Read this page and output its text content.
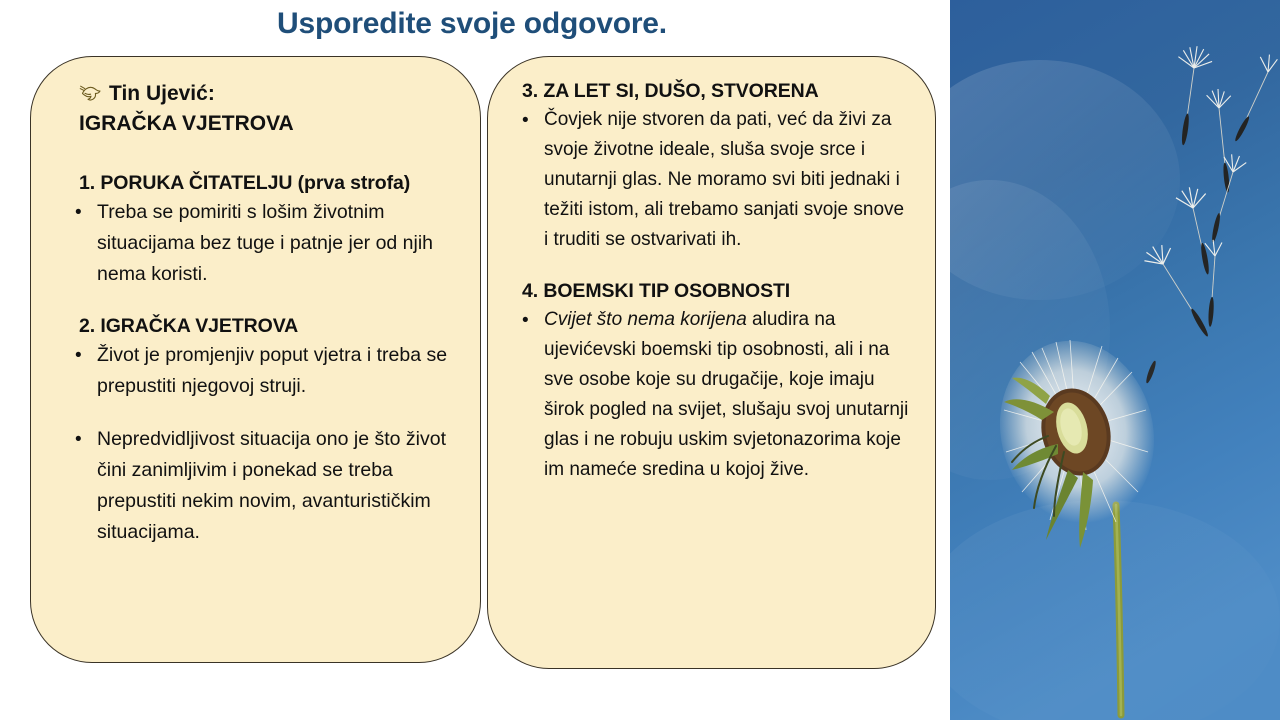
Usporedite svoje odgovore.
Tin Ujević:
IGRAČKA VJETROVA
1. PORUKA ČITATELJU (prva strofa)
• Treba se pomiriti s lošim životnim situacijama bez tuge i patnje jer od njih nema koristi.
2. IGRAČKA VJETROVA
• Život je promjenjiv poput vjetra i treba se prepustiti njegovoj struji.
• Nepredvidljivost situacija ono je što život čini zanimljivim i ponekad se treba prepustiti nekim novim, avanturističkim situacijama.
3. ZA LET SI, DUŠO, STVORENA
• Čovjek nije stvoren da pati, već da živi za svoje životne ideale, sluša svoje srce i unutarnji glas. Ne moramo svi biti jednaki i težiti istom, ali trebamo sanjati svoje snove i truditi se ostvarivati ih.
4. BOEMSKI TIP OSOBNOSTI
• Cvijet što nema korijena aludira na ujevićevski boemski tip osobnosti, ali i na sve osobe koje su drugačije, koje imaju širok pogled na svijet, slušaju svoj unutarnji glas i ne robuju uskim svjetonazorima koje im nameće sredina u kojoj žive.
